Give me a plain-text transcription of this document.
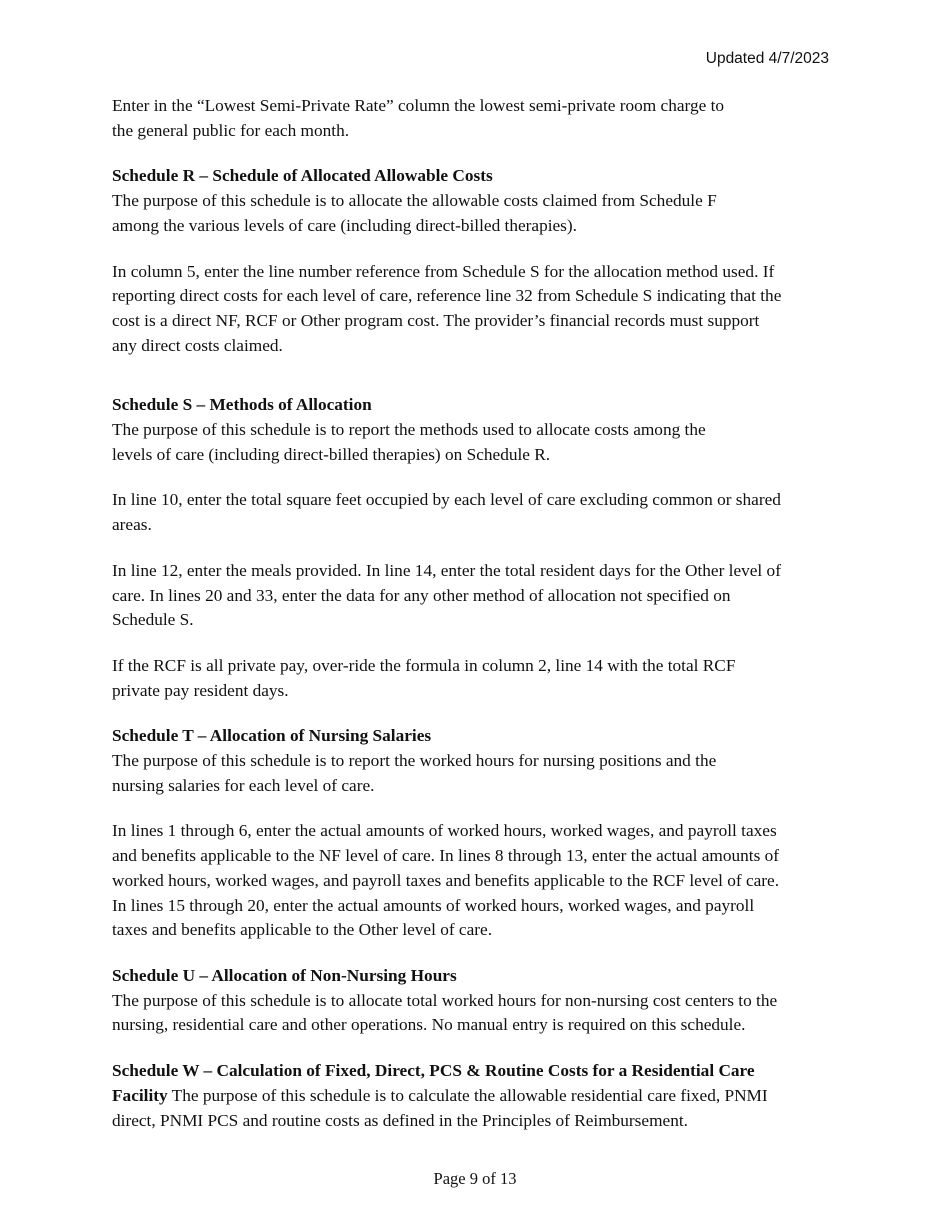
Updated 4/7/2023

Enter in the “Lowest Semi-Private Rate” column the lowest semi-private room charge to
the general public for each month.

Schedule R – Schedule of Allocated Allowable Costs

The purpose of this schedule is to allocate the allowable costs claimed from Schedule F
among the various levels of care (including direct-billed therapies).

In column 5, enter the line number reference from Schedule S for the allocation method used. If
reporting direct costs for each level of care, reference line 32 from Schedule S indicating that the
cost is a direct NF, RCF or Other program cost. The provider’s financial records must support
any direct costs claimed.

Schedule S – Methods of Allocation

The purpose of this schedule is to report the methods used to allocate costs among the
levels of care (including direct-billed therapies) on Schedule R.

In line 10, enter the total square feet occupied by each level of care excluding common or shared
areas.

In line 12, enter the meals provided. In line 14, enter the total resident days for the Other level of
care. In lines 20 and 33, enter the data for any other method of allocation not specified on
Schedule S.

If the RCF is all private pay, over-ride the formula in column 2, line 14 with the total RCF
private pay resident days.

Schedule T – Allocation of Nursing Salaries

The purpose of this schedule is to report the worked hours for nursing positions and the
nursing salaries for each level of care.

In lines 1 through 6, enter the actual amounts of worked hours, worked wages, and payroll taxes
and benefits applicable to the NF level of care. In lines 8 through 13, enter the actual amounts of
worked hours, worked wages, and payroll taxes and benefits applicable to the RCF level of care.
In lines 15 through 20, enter the actual amounts of worked hours, worked wages, and payroll
taxes and benefits applicable to the Other level of care.

Schedule U – Allocation of Non-Nursing Hours

The purpose of this schedule is to allocate total worked hours for non-nursing cost centers to the
nursing, residential care and other operations. No manual entry is required on this schedule.

Schedule W – Calculation of Fixed, Direct, PCS & Routine Costs for a Residential Care
Facility The purpose of this schedule is to calculate the allowable residential care fixed, PNMI
direct, PNMI PCS and routine costs as defined in the Principles of Reimbursement.

Page 9 of 13
